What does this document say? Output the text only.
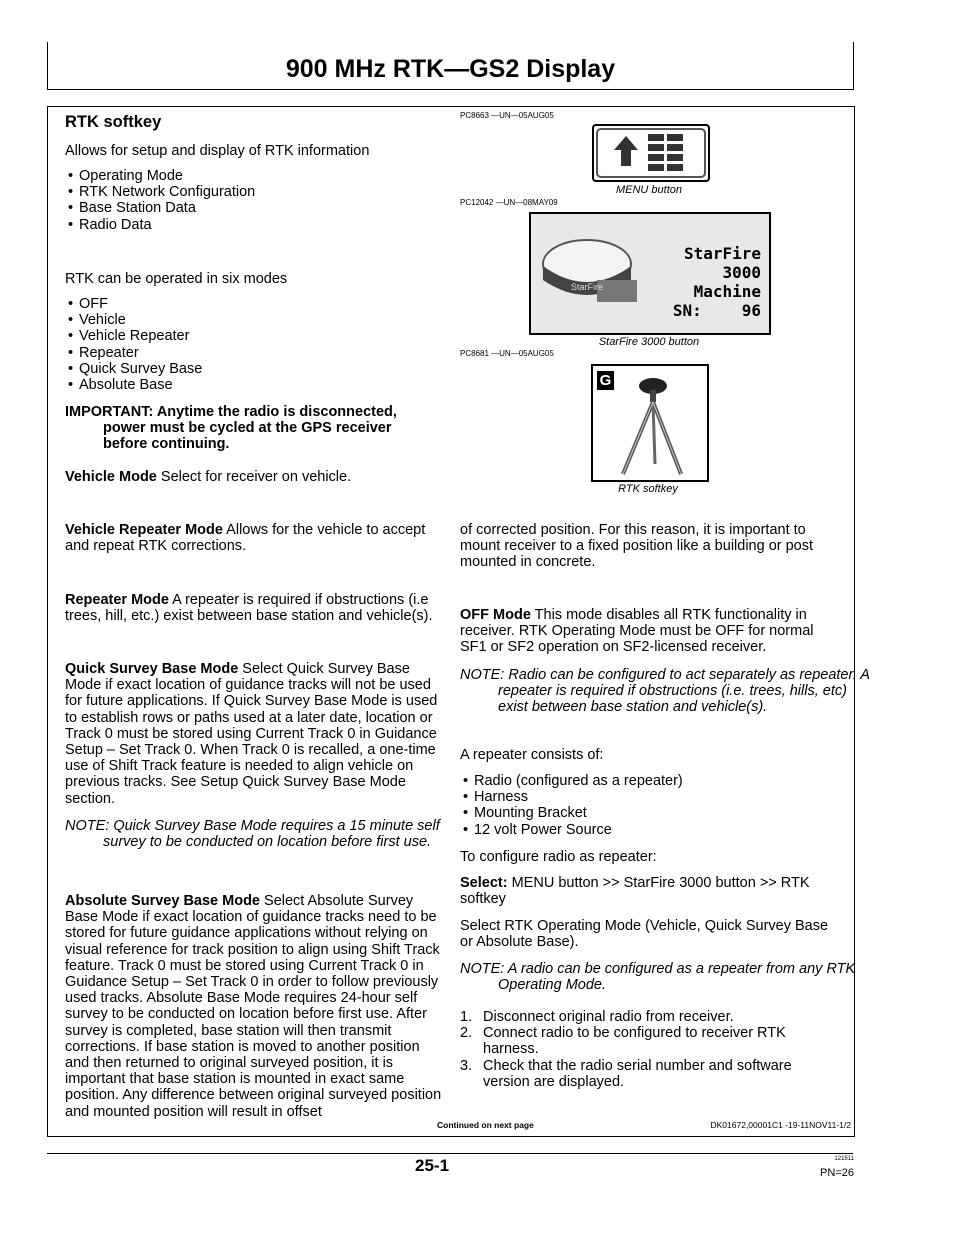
900 MHz RTK—GS2 Display
RTK softkey
Allows for setup and display of RTK information
• Operating Mode
• RTK Network Configuration
• Base Station Data
• Radio Data
RTK can be operated in six modes
• OFF
• Vehicle
• Vehicle Repeater
• Repeater
• Quick Survey Base
• Absolute Base
IMPORTANT: Anytime the radio is disconnected,
power must be cycled at the GPS receiver
before continuing.
Vehicle Mode Select for receiver on vehicle.
Vehicle Repeater Mode Allows for the vehicle to accept and repeat RTK corrections.
Repeater Mode A repeater is required if obstructions (i.e trees, hill, etc.) exist between base station and vehicle(s).
Quick Survey Base Mode Select Quick Survey Base Mode if exact location of guidance tracks will not be used for future applications. If Quick Survey Base Mode is used to establish rows or paths used at a later date, location or Track 0 must be stored using Current Track 0 in Guidance Setup – Set Track 0. When Track 0 is recalled, a one-time use of Shift Track feature is needed to align vehicle on previous tracks. See Setup Quick Survey Base Mode section.
NOTE: Quick Survey Base Mode requires a 15 minute self
survey to be conducted on location before first use.
Absolute Survey Base Mode Select Absolute Survey Base Mode if exact location of guidance tracks need to be stored for future guidance applications without relying on visual reference for track position to align using Shift Track feature. Track 0 must be stored using Current Track 0 in Guidance Setup – Set Track 0 in order to follow previously used tracks. Absolute Base Mode requires 24-hour self survey to be conducted on location before first use. After survey is completed, base station will then transmit corrections. If base station is moved to another position and then returned to original surveyed position, it is important that base station is mounted in exact same position. Any difference between original surveyed position and mounted position will result in offset
PC8663 —UN—05AUG05
MENU button
PC12042 —UN—08MAY09
StarFire
StarFire
3000
Machine
SN:	96
StarFire 3000 button
PC8681 —UN—05AUG05
G
RTK softkey
of corrected position. For this reason, it is important to mount receiver to a fixed position like a building or post mounted in concrete.
OFF Mode This mode disables all RTK functionality in receiver. RTK Operating Mode must be OFF for normal SF1 or SF2 operation on SF2-licensed receiver.
NOTE: Radio can be configured to act separately as repeater. A repeater is required if obstructions (i.e. trees, hills, etc) exist between base station and vehicle(s).
A repeater consists of:
• Radio (configured as a repeater)
• Harness
• Mounting Bracket
• 12 volt Power Source
To configure radio as repeater:
Select: MENU button >> StarFire 3000 button >> RTK softkey
Select RTK Operating Mode (Vehicle, Quick Survey Base or Absolute Base).
NOTE: A radio can be configured as a repeater from any RTK Operating Mode.
1. Disconnect original radio from receiver.
2. Connect radio to be configured to receiver RTK harness.
3. Check that the radio serial number and software version are displayed.
Continued on next page	DK01672,00001C1 -19-11NOV11-1/2
25-1	121511
PN=26
